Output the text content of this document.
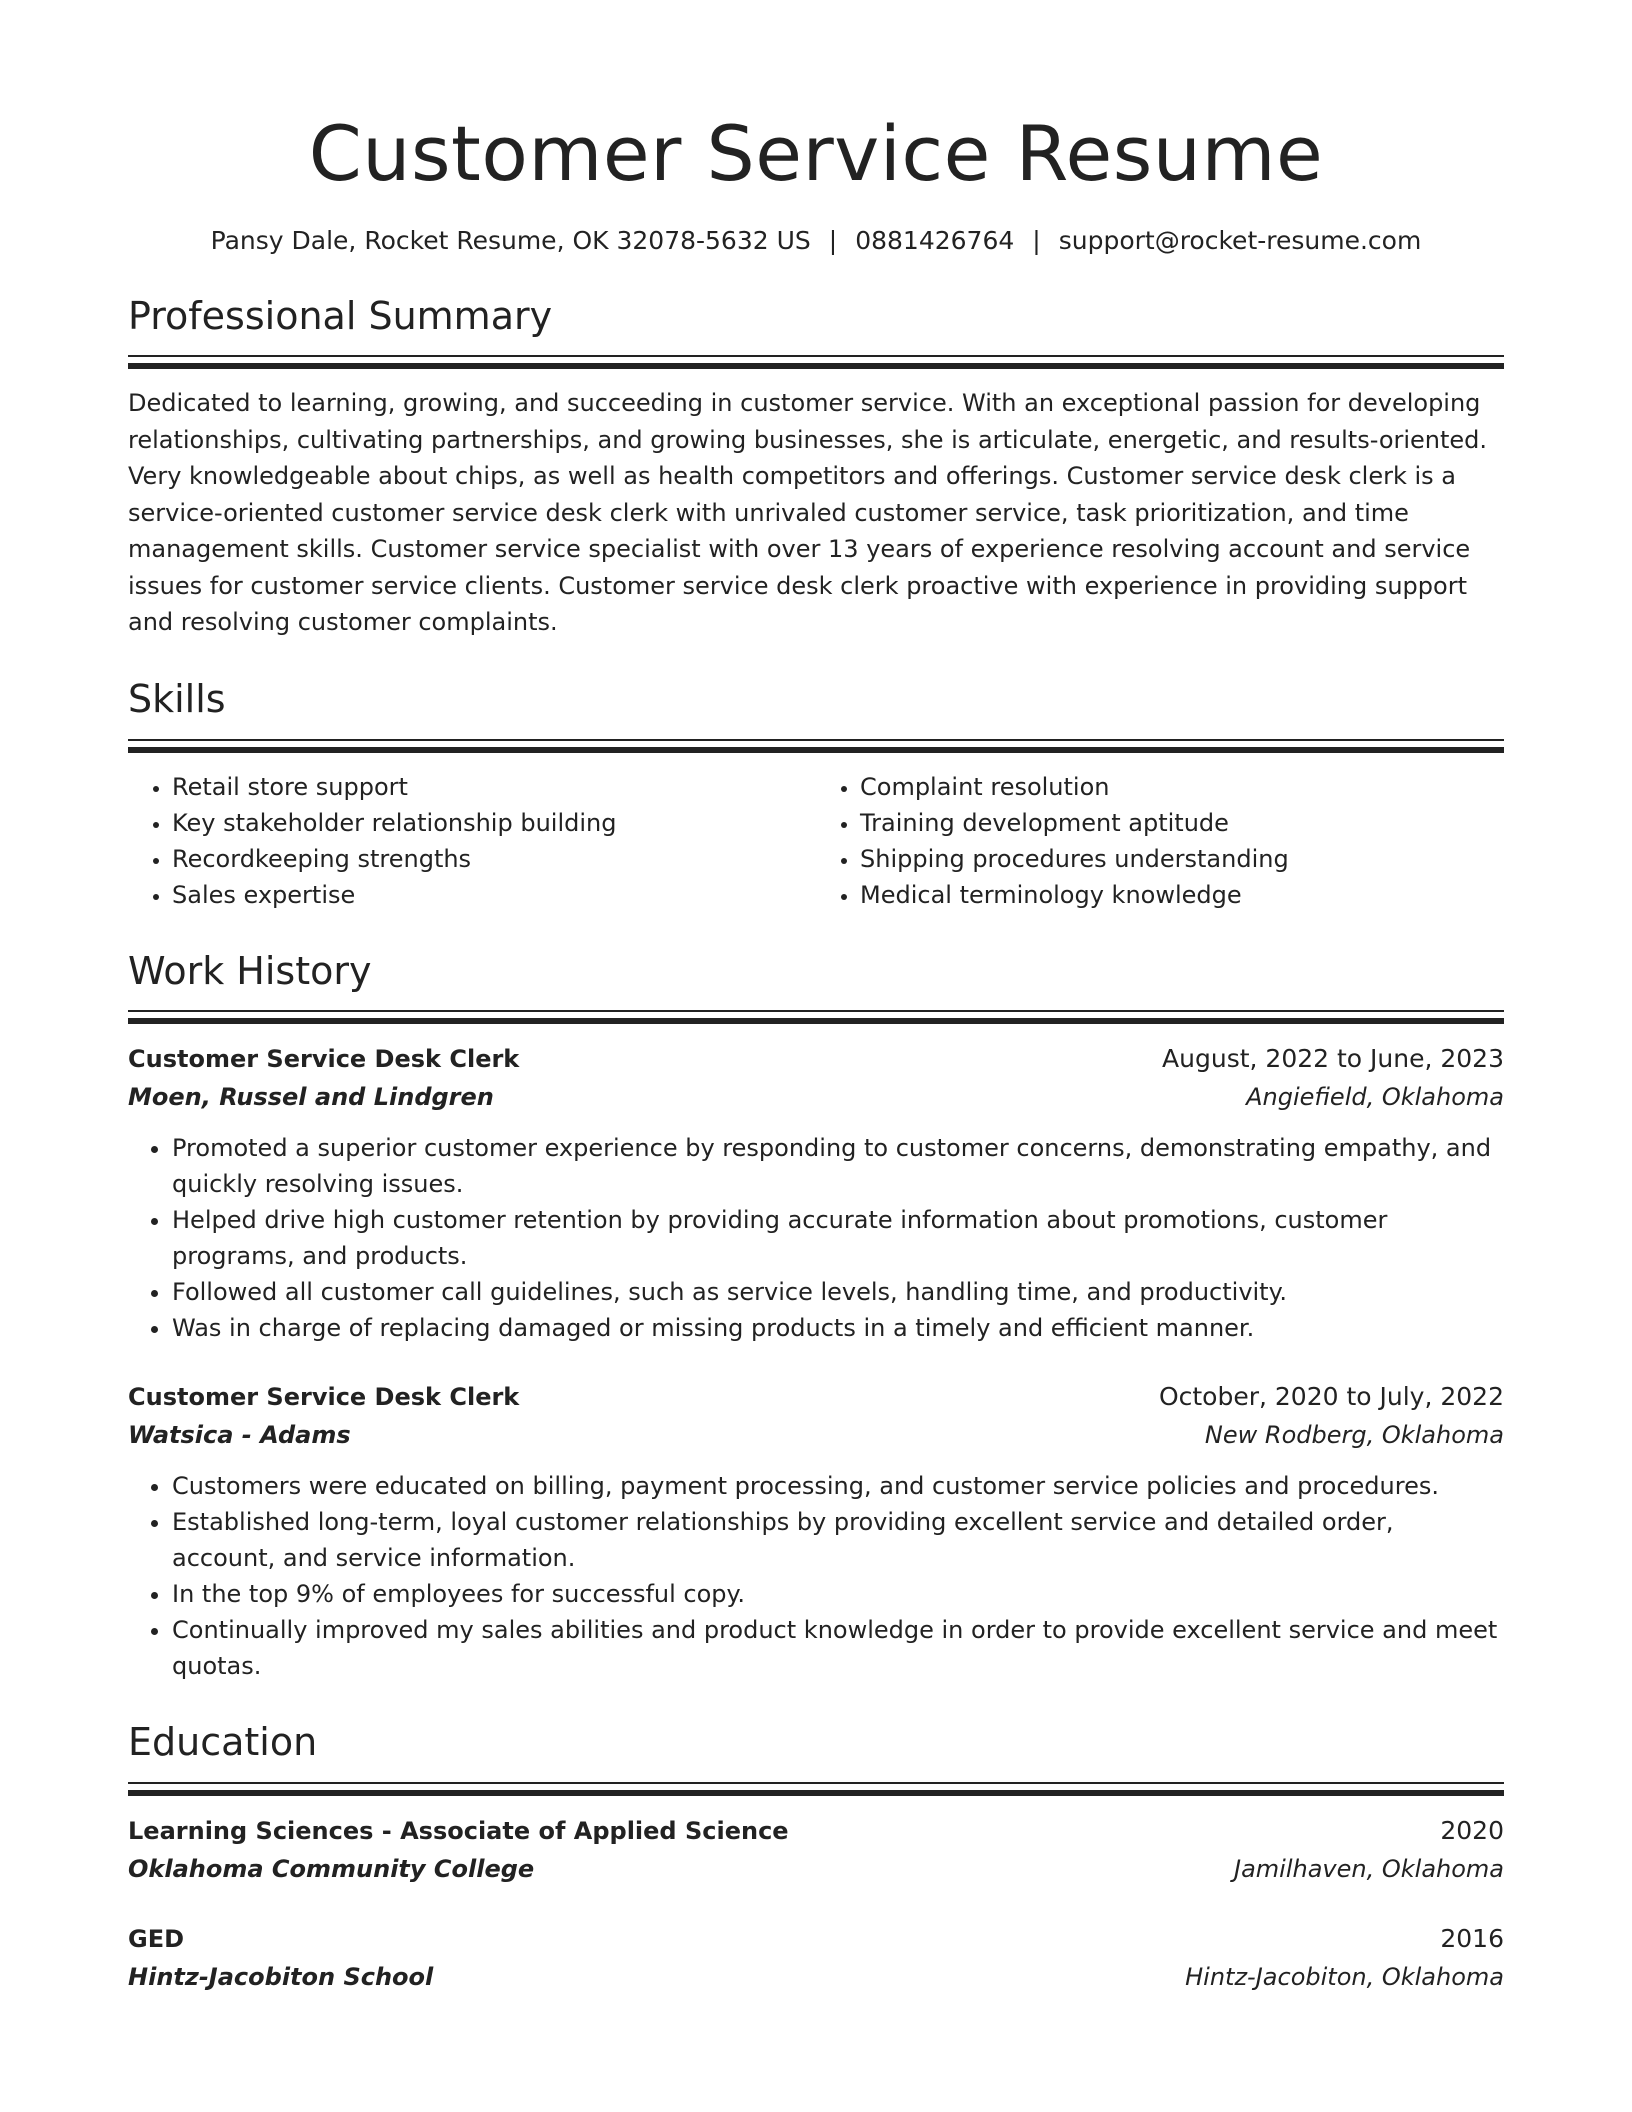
Customer Service Resume
Pansy Dale, Rocket Resume, OK 32078-5632 US | 0881426764 | support@rocket-resume.com
Professional Summary

Dedicated to learning, growing, and succeeding in customer service. With an exceptional passion for developing relationships, cultivating partnerships, and growing businesses, she is articulate, energetic, and results-oriented. Very knowledgeable about chips, as well as health competitors and offerings. Customer service desk clerk is a service-oriented customer service desk clerk with unrivaled customer service, task prioritization, and time management skills. Customer service specialist with over 13 years of experience resolving account and service issues for customer service clients. Customer service desk clerk proactive with experience in providing support and resolving customer complaints.

Skills
• Retail store support
• Key stakeholder relationship building
• Recordkeeping strengths
• Sales expertise
• Complaint resolution
• Training development aptitude
• Shipping procedures understanding
• Medical terminology knowledge
Work History
Customer Service Desk Clerk	August, 2022 to June, 2023
Moen, Russel and Lindgren	Angiefield, Oklahoma
• Promoted a superior customer experience by responding to customer concerns, demonstrating empathy, and quickly resolving issues.
• Helped drive high customer retention by providing accurate information about promotions, customer programs, and products.
• Followed all customer call guidelines, such as service levels, handling time, and productivity.
• Was in charge of replacing damaged or missing products in a timely and efficient manner.
Customer Service Desk Clerk	October, 2020 to July, 2022
Watsica - Adams	New Rodberg, Oklahoma
• Customers were educated on billing, payment processing, and customer service policies and procedures.
• Established long-term, loyal customer relationships by providing excellent service and detailed order, account, and service information.
• In the top 9% of employees for successful copy.
• Continually improved my sales abilities and product knowledge in order to provide excellent service and meet quotas.
Education
Learning Sciences - Associate of Applied Science	2020
Oklahoma Community College	Jamilhaven, Oklahoma
GED	2016
Hintz-Jacobiton School	Hintz-Jacobiton, Oklahoma
